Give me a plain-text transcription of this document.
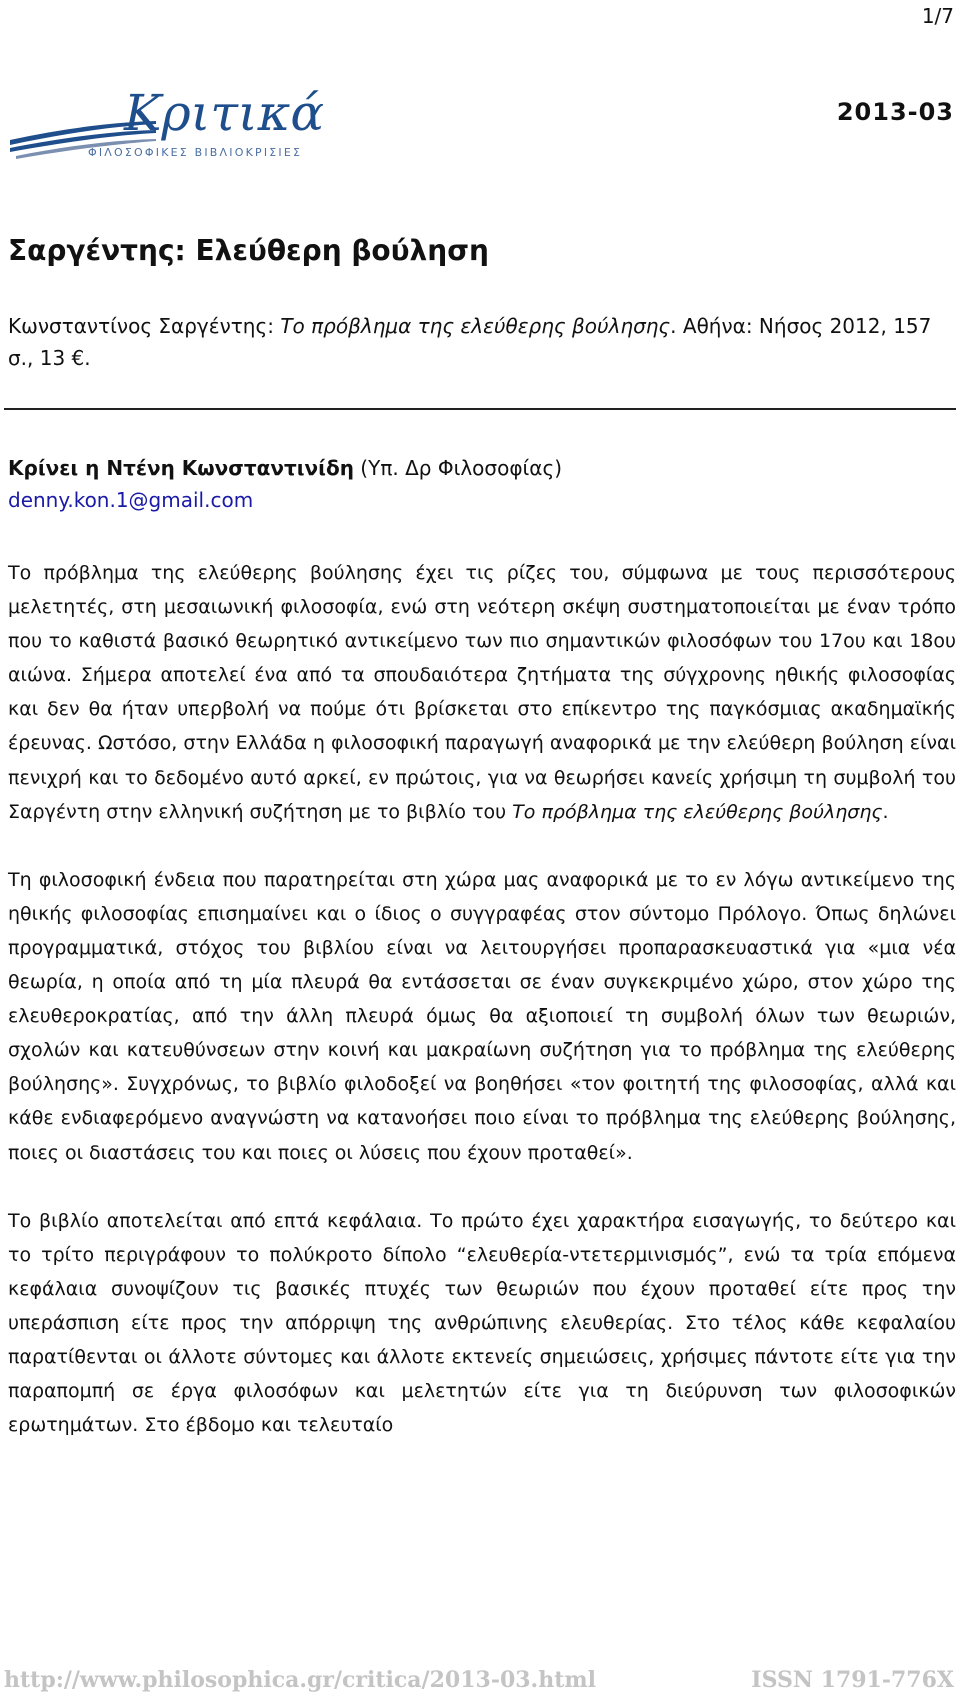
1/7
Κριτικά
ΦΙΛΟΣΟΦΙΚΕΣ ΒΙΒΛΙΟΚΡΙΣΙΕΣ
2013-03
Σαργέντης: Ελεύθερη βούληση

Κωνσταντίνος Σαργέντης: Το πρόβλημα της ελεύθερης βούλησης. Αθήνα: Νήσος 2012, 157 σ., 13 €.

Κρίνει η Ντένη Κωνσταντινίδη (Υπ. Δρ Φιλοσοφίας)
denny.kon.1@gmail.com

Το πρόβλημα της ελεύθερης βούλησης έχει τις ρίζες του, σύμφωνα με τους περισσότερους μελετητές, στη μεσαιωνική φιλοσοφία, ενώ στη νεότερη σκέψη συστηματοποιείται με έναν τρόπο που το καθιστά βασικό θεωρητικό αντικείμενο των πιο σημαντικών φιλοσόφων του 17ου και 18ου αιώνα. Σήμερα αποτελεί ένα από τα σπουδαιότερα ζητήματα της σύγχρονης ηθικής φιλοσοφίας και δεν θα ήταν υπερβολή να πούμε ότι βρίσκεται στο επίκεντρο της παγκόσμιας ακαδημαϊκής έρευνας. Ωστόσο, στην Ελλάδα η φιλοσοφική παραγωγή αναφορικά με την ελεύθερη βούληση είναι πενιχρή και το δεδομένο αυτό αρκεί, εν πρώτοις, για να θεωρήσει κανείς χρήσιμη τη συμβολή του Σαργέντη στην ελληνική συζήτηση με το βιβλίο του Το πρόβλημα της ελεύθερης βούλησης.

Τη φιλοσοφική ένδεια που παρατηρείται στη χώρα μας αναφορικά με το εν λόγω αντικείμενο της ηθικής φιλοσοφίας επισημαίνει και ο ίδιος ο συγγραφέας στον σύντομο Πρόλογο. Όπως δηλώνει προγραμματικά, στόχος του βιβλίου είναι να λειτουργήσει προπαρασκευαστικά για «μια νέα θεωρία, η οποία από τη μία πλευρά θα εντάσσεται σε έναν συγκεκριμένο χώρο, στον χώρο της ελευθεροκρατίας, από την άλλη πλευρά όμως θα αξιοποιεί τη συμβολή όλων των θεωριών, σχολών και κατευθύνσεων στην κοινή και μακραίωνη συζήτηση για το πρόβλημα της ελεύθερης βούλησης». Συγχρόνως, το βιβλίο φιλοδοξεί να βοηθήσει «τον φοιτητή της φιλοσοφίας, αλλά και κάθε ενδιαφερόμενο αναγνώστη να κατανοήσει ποιο είναι το πρόβλημα της ελεύθερης βούλησης, ποιες οι διαστάσεις του και ποιες οι λύσεις που έχουν προταθεί».

Το βιβλίο αποτελείται από επτά κεφάλαια. Το πρώτο έχει χαρακτήρα εισαγωγής, το δεύτερο και το τρίτο περιγράφουν το πολύκροτο δίπολο “ελευθερία-ντετερμινισμός”, ενώ τα τρία επόμενα κεφάλαια συνοψίζουν τις βασικές πτυχές των θεωριών που έχουν προταθεί είτε προς την υπεράσπιση είτε προς την απόρριψη της ανθρώπινης ελευθερίας. Στο τέλος κάθε κεφαλαίου παρατίθενται οι άλλοτε σύντομες και άλλοτε εκτενείς σημειώσεις, χρήσιμες πάντοτε είτε για την παραπομπή σε έργα φιλοσόφων και μελετητών είτε για τη διεύρυνση των φιλοσοφικών ερωτημάτων. Στο έβδομο και τελευταίο

http://www.philosophica.gr/critica/2013-03.html	ISSN 1791-776X
